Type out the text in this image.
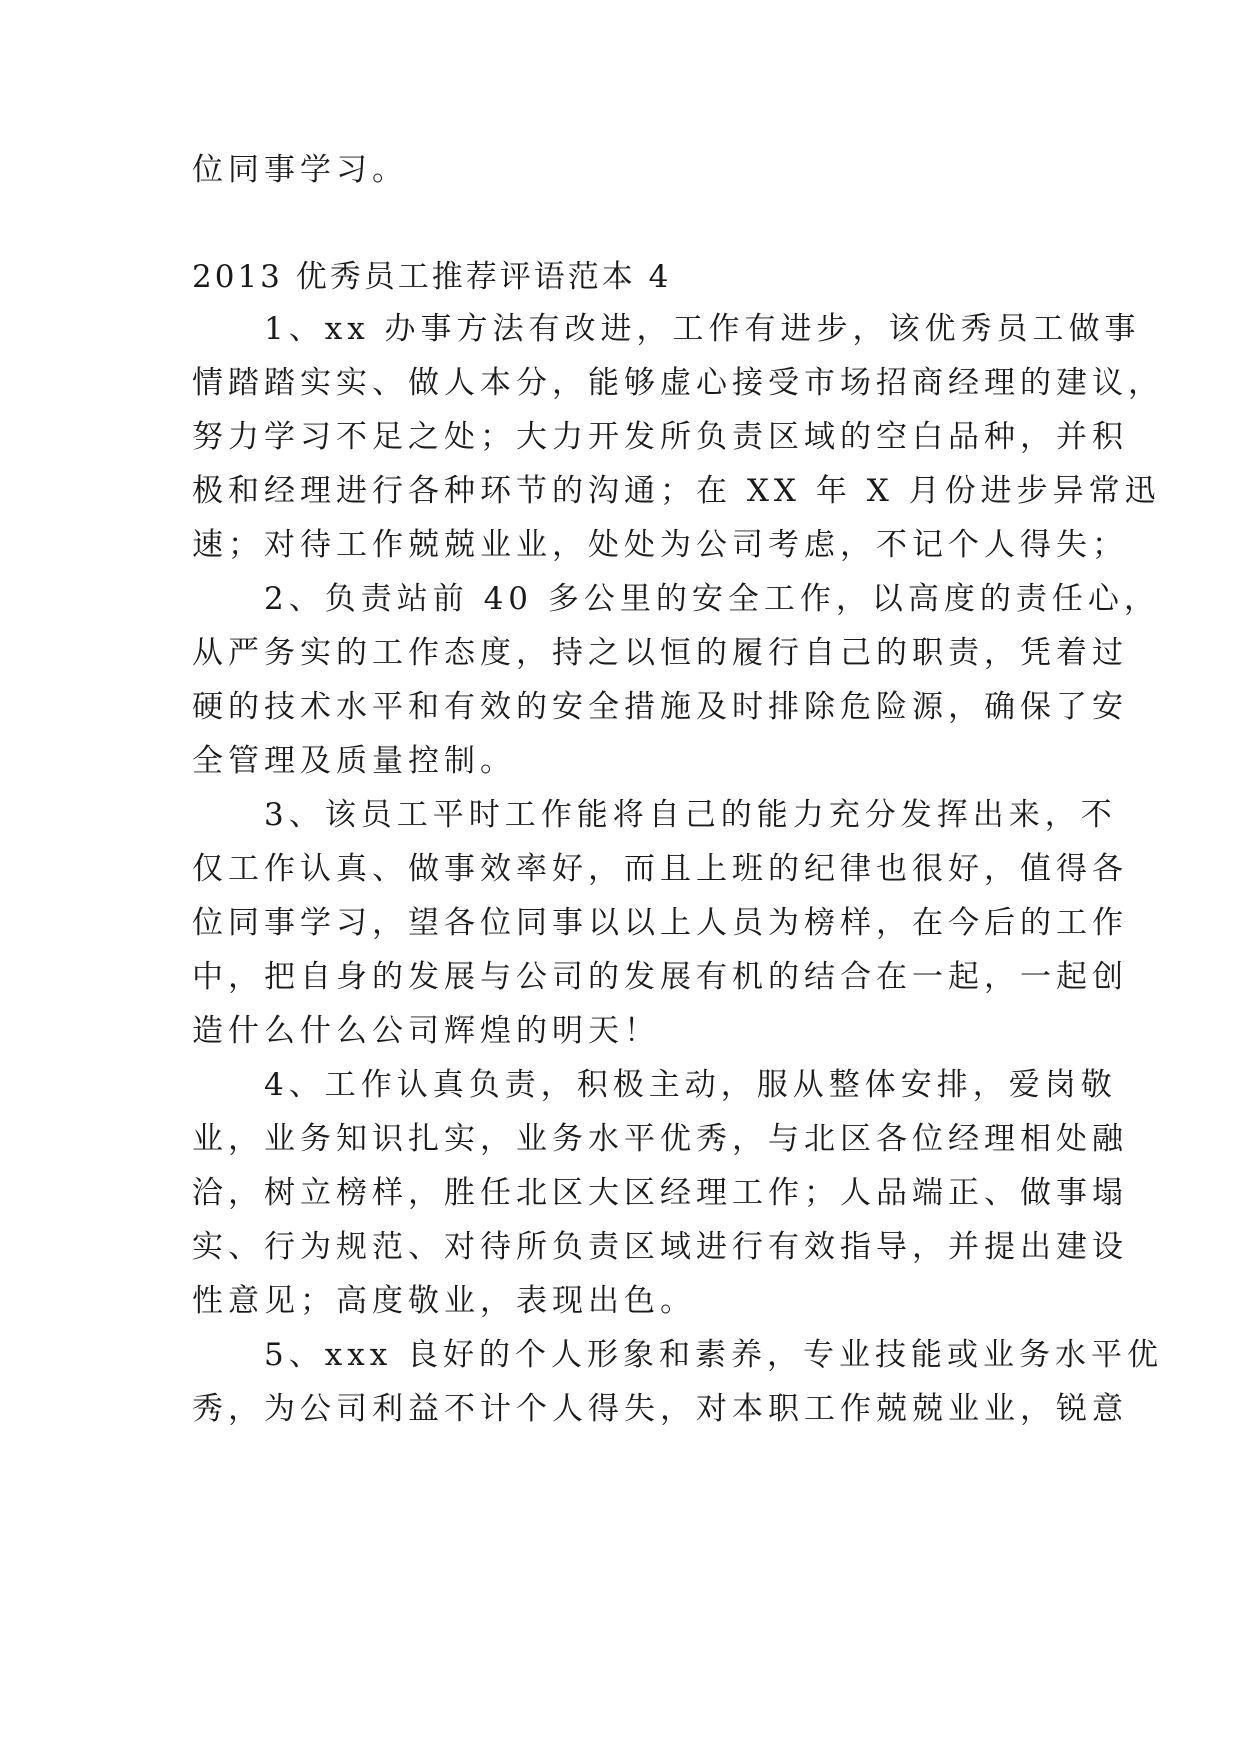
位同事学习。
2013 优秀员工推荐评语范本 4
　　1、xx 办事方法有改进，工作有进步，该优秀员工做事
情踏踏实实、做人本分，能够虚心接受市场招商经理的建议，
努力学习不足之处；大力开发所负责区域的空白品种，并积
极和经理进行各种环节的沟通；在 XX 年 X 月份进步异常迅
速；对待工作兢兢业业，处处为公司考虑，不记个人得失；
　　2、负责站前 40 多公里的安全工作，以高度的责任心，
从严务实的工作态度，持之以恒的履行自己的职责，凭着过
硬的技术水平和有效的安全措施及时排除危险源，确保了安
全管理及质量控制。
　　3、该员工平时工作能将自己的能力充分发挥出来，不
仅工作认真、做事效率好，而且上班的纪律也很好，值得各
位同事学习，望各位同事以以上人员为榜样，在今后的工作
中，把自身的发展与公司的发展有机的结合在一起，一起创
造什么什么公司辉煌的明天！
　　4、工作认真负责，积极主动，服从整体安排，爱岗敬
业，业务知识扎实，业务水平优秀，与北区各位经理相处融
洽，树立榜样，胜任北区大区经理工作；人品端正、做事塌
实、行为规范、对待所负责区域进行有效指导，并提出建设
性意见；高度敬业，表现出色。
　　5、xxx 良好的个人形象和素养，专业技能或业务水平优
秀，为公司利益不计个人得失，对本职工作兢兢业业，锐意
